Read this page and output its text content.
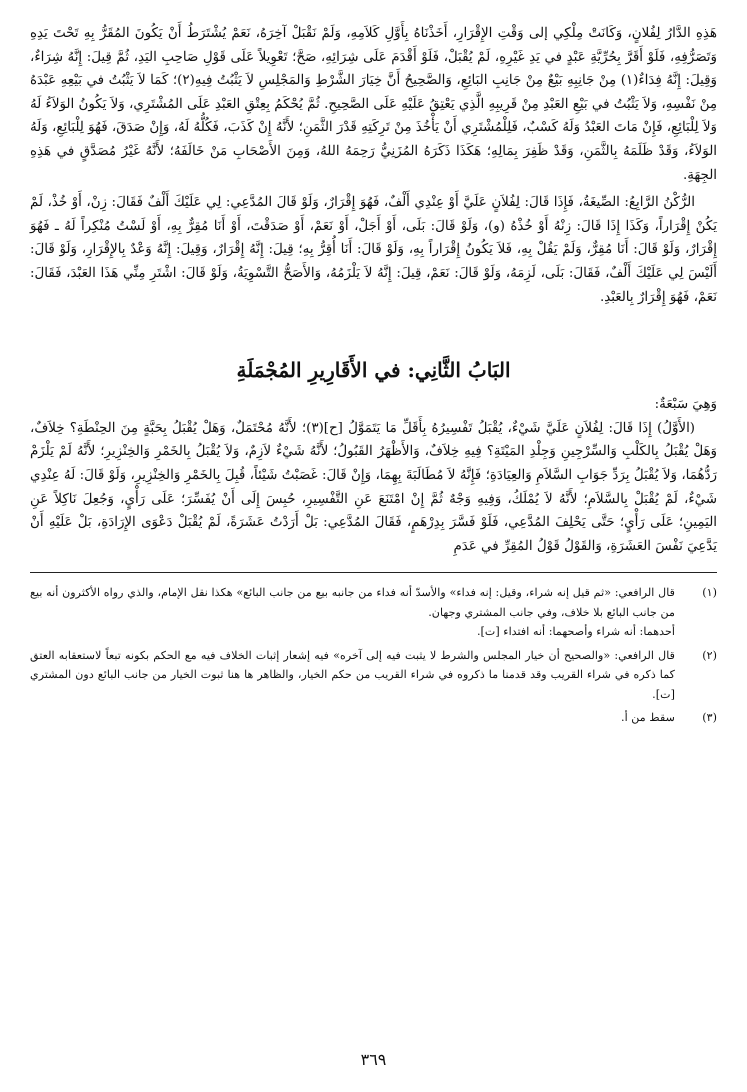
هَذِهِ الدَّارُ لِفُلانٍ، وَكَانَتْ مِلْكِي إلى وَقْتِ الإِقْرَارِ، أَخَذْنَاهُ بِأَوَّلِ كَلاَمِهِ، وَلَمْ نَقْبَلْ آخِرَهُ، نَعَمْ يُشْتَرَطُ أَنْ يَكُونَ المُقَرُّ بِهِ تَحْتَ يَدِهِ وَتَصَرُّفِهِ، فَلَوْ أَقَرَّ بِحُرِّيَّةِ عَبْدٍ في يَدِ غَيْرِهِ، لَمْ يُقْبَلْ، فَلَوْ أَقْدَمَ عَلَى شِرَائِهِ، صَحَّ؛ تَعْوِيلاً عَلَى قَوْلِ صَاحِبِ اليَدِ، ثُمَّ قِيلَ: إِنَّهُ شِرَاءٌ، وَقِيلَ: إِنَّهُ فِدَاءٌ(١) مِنْ جَانِبِهِ بَيْعٌ مِنْ جَانِبِ البَائِعِ، وَالصَّحِيحُ أَنَّ خِيَارَ الشَّرْطِ وَالمَجْلِسِ لاَ يَثْبُتُ فِيهِ(٢)؛ كَمَا لاَ يَثْبُتُ في بَيْعِهِ عَبْدَهُ مِنْ نَفْسِهِ، وَلاَ يَثْبُتُ في بَيْعِ العَبْدِ مِنْ قَرِيبِهِ الَّذِي يَعْتِقُ عَلَيْهِ عَلَى الصَّحِيحِ. ثُمَّ يُحْكَمُ بِعِتْقِ العَبْدِ عَلَى المُشْتَرِي، وَلاَ يَكُونُ الوَلاَءُ لَهُ وَلاَ لِلْبَائِعِ، فَإِنْ مَاتَ العَبْدُ وَلَهُ كَسْبٌ، فَلِلْمُشْتَرِي أَنْ يَأْخُذَ مِنْ تَرِكَتِهِ قَدْرَ الثَّمَنِ؛ لأَنَّهُ إِنْ كَذَبَ، فَكُلُّهُ لَهُ، وَإِنْ صَدَقَ، فَهُوَ لِلْبَائِعِ، وَلَهُ الوَلاَءُ، وَقَدْ ظَلَمَهُ بِالثَّمَنِ، وَقَدْ ظَفِرَ بِمَالِهِ؛ هَكَذَا ذَكَرَهُ المُزَنِيُّ رَحِمَهُ اللهُ، وَمِنَ الأَصْحَابِ مَنْ خَالَفَهُ؛ لأَنَّهُ غَيْرُ مُصَدَّقٍ في هَذِهِ الجِهَةِ.

الرُّكْنُ الرَّابِعُ: الصِّيغَةُ، فَإِذَا قَالَ: لِفُلاَنٍ عَلَيَّ أَوْ عِنْدِي أَلْفٌ، فَهُوَ إِقْرَارٌ، وَلَوْ قَالَ المُدَّعِي: لِي عَلَيْكَ أَلْفٌ فَقَالَ: زِنْ، أَوْ خُذْ، لَمْ يَكُنْ إِقْرَاراً، وَكَذَا إِذَا قَالَ: زِنْهُ أَوْ خُذْهُ (و)، وَلَوْ قَالَ: بَلَى، أَوْ أَجَلْ، أَوْ نَعَمْ، أَوْ صَدَقْتَ، أَوْ أَنَا مُقِرٌّ بِهِ، أَوْ لَسْتُ مُنْكِراً لَهُ ـ فَهُوَ إِقْرَارٌ، وَلَوْ قَالَ: أَنَا مُقِرٌّ، وَلَمْ يَقُلْ بِهِ، فَلاَ يَكُونُ إِقْرَاراً بِهِ، وَلَوْ قَالَ: أَنَا أُقِرُّ بِهِ؛ قِيلَ: إِنَّهُ إِقْرَارٌ، وَقِيلَ: إِنَّهُ وَعْدٌ بِالإِقْرَارِ، وَلَوْ قَالَ: أَلَيْسَ لِي عَلَيْكَ أَلْفٌ، فَقَالَ: بَلَى، لَزِمَهُ، وَلَوْ قَالَ: نَعَمْ، قِيلَ: إِنَّهُ لاَ يَلْزَمُهُ، وَالأَصَحُّ التَّسْوِيَةُ، وَلَوْ قَالَ: اشْتَرِ مِنِّي هَذَا العَبْدَ، فَقَالَ: نَعَمْ، فَهُوَ إِقْرَارٌ بِالعَبْدِ.

البَابُ الثَّانِي: في الأَقَارِيرِ المُجْمَلَةِ

وَهِيَ سَبْعَةٌ:

(الأَوَّلُ) إِذَا قَالَ: لِفُلاَنٍ عَلَيَّ شَيْءٌ، يُقْبَلُ تَفْسِيرُهُ بِأَقَلِّ مَا يَتَمَوَّلُ [ح](٣)؛ لأَنَّهُ مُحْتَمَلٌ، وَهَلْ يُقْبَلُ بِحَبَّةٍ مِنَ الحِنْطَةِ؟ خِلاَفٌ، وَهَلْ يُقْبَلُ بِالكَلْبِ وَالسِّرْجِينِ وَجِلْدِ المَيْتَةِ؟ فِيهِ خِلاَفٌ، وَالأَظْهَرُ القَبُولُ؛ لأَنَّهُ شَيْءٌ لاَزِمٌ، وَلاَ يُقْبَلُ بِالخَمْرِ وَالخِنْزِيرِ؛ لأَنَّهُ لَمْ يَلْزَمْ رَدُّهُمَا، وَلاَ يُقْبَلُ بِرَدِّ جَوَابِ السَّلاَمِ وَالعِيَادَةِ؛ فَإِنَّهُ لاَ مُطَالَبَةَ بِهِمَا، وَإِنْ قَالَ: غَصَبْتُ شَيْئاً، قُبِلَ بِالخَمْرِ وَالخِنْزِيرِ، وَلَوْ قَالَ: لَهُ عِنْدِي شَيْءٌ، لَمْ يُقْبَلْ بِالسَّلاَمِ؛ لأَنَّهُ لاَ يُمْلَكُ، وَفِيهِ وَجْهٌ ثُمَّ إِنْ امْتَنَعَ عَنِ التَّفْسِيرِ، حُبِسَ إِلَى أَنْ يُفَسِّرَ؛ عَلَى رَأْيٍ، وَجُعِلَ نَاكِلاً عَنِ اليَمِينِ؛ عَلَى رَأْيٍ؛ حَتَّى يَحْلِفَ المُدَّعِي، فَلَوْ فَسَّرَ بِدِرْهَمٍ، فَقَالَ المُدَّعِي: بَلْ أَرَدْتُ عَشَرَةً، لَمْ يُقْبَلْ دَعْوَى الإِرَادَةِ، بَلْ عَلَيْهِ أَنْ يَدَّعِيَ نَفْسَ العَشَرَةِ، وَالقَوْلُ قَوْلُ المُقِرِّ في عَدَمِ

(١)
قال الرافعي: «ثم قيل إنه شراء، وقيل: إنه فداء» والأسدّ أنه فداء من جانبه بيع من جانب البائع» هكذا نقل الإمام، والذي رواه الأكثرون أنه بيع من جانب البائع بلا خلاف، وفي جانب المشتري وجهان.
أحدهما: أنه شراء وأصحهما: أنه افتداء [ت].
(٢)
قال الرافعي: «والصحيح أن خيار المجلس والشرط لا يثبت فيه إلى آخره» فيه إشعار إثبات الخلاف فيه مع الحكم بكونه تبعاً لاستعقابه العتق كما ذكره في شراء القريب وقد قدمنا ما ذكروه في شراء القريب من حكم الخيار، والظاهر ها هنا ثبوت الخيار من جانب البائع دون المشتري [ت].
(٣)
سقط من أ.
٣٦٩
